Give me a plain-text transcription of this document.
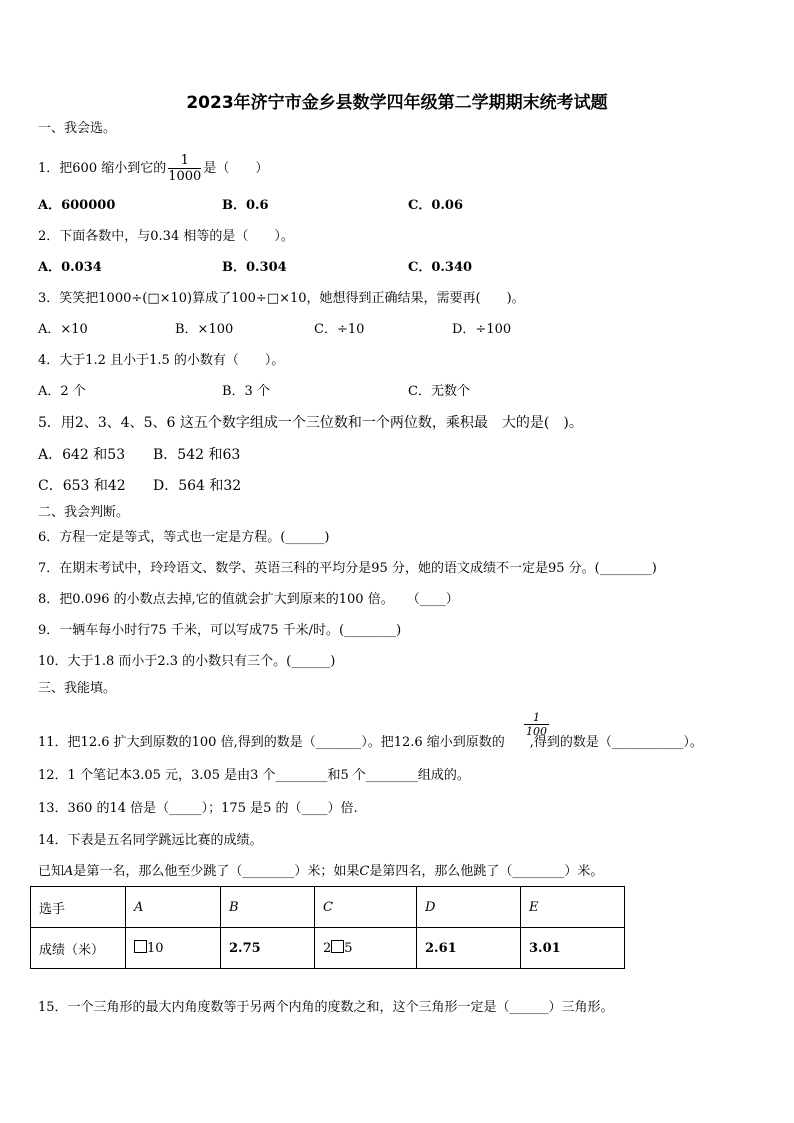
2023年济宁市金乡县数学四年级第二学期期末统考试题
一、我会选。
1．把600 缩小到它的 $\frac{1}{1000}$ 是（　　）
A．600000	B．0.6	C．0.06
2．下面各数中，与0.34 相等的是（　　）。
A．0.034	B．0.304	C．0.340
3．笑笑把1000÷(□×10)算成了100÷□×10，她想得到正确结果，需要再(　　)。
A．×10	B．×100	C．÷10	D．÷100
4．大于1.2 且小于1.5 的小数有（　　）。
A．2 个	B．3 个	C．无数个
5．用2、3、4、5、6 这五个数字组成一个三位数和一个两位数，乘积最　大的是(　)。
A．642 和53 B．542 和63
C．653 和42 D．564 和32
二、我会判断。
6．方程一定是等式，等式也一定是方程。(______)
7．在期末考试中，玲玲语文、数学、英语三科的平均分是95 分，她的语文成绩不一定是95 分。(________)
8．把0.096 的小数点去掉,它的值就会扩大到原来的100 倍。　　（____）
9．一辆车每小时行75 千米，可以写成75 千米/时。(________)
10．大于1.8 而小于2.3 的小数只有三个。(______)
三、我能填。
11．把12.6 扩大到原数的100 倍,得到的数是（_______）。把12.6 缩小到原数的 ,得到的数是（___________）。
$\frac{1}{100}$
12．1 个笔记本3.05 元，3.05 是由3 个________和5 个________组成的。
13．360 的14 倍是（_____）；175 是5 的（____）倍.
14．下表是五名同学跳远比赛的成绩。
已知A是第一名，那么他至少跳了（________）米；如果C是第四名，那么他跳了（________）米。
选手	A	B	C	D	E
成绩（米）	10	2.75	2 5	2.61	3.01
15．一个三角形的最大内角度数等于另两个内角的度数之和，这个三角形一定是（______）三角形。
